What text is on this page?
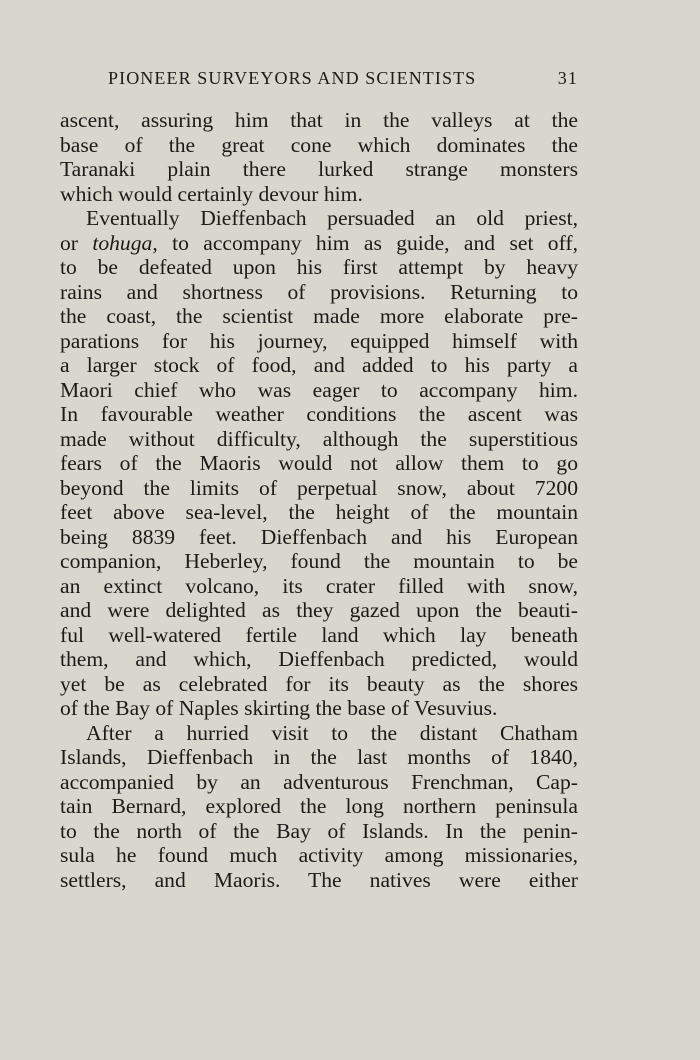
PIONEER SURVEYORS AND SCIENTISTS	31
ascent, assuring him that in the valleys at the
base of the great cone which dominates the
Taranaki plain there lurked strange monsters
which would certainly devour him.
Eventually Dieffenbach persuaded an old priest,
or tohuga, to accompany him as guide, and set off,
to be defeated upon his first attempt by heavy
rains and shortness of provisions. Returning to
the coast, the scientist made more elaborate pre-
parations for his journey, equipped himself with
a larger stock of food, and added to his party a
Maori chief who was eager to accompany him.
In favourable weather conditions the ascent was
made without difficulty, although the superstitious
fears of the Maoris would not allow them to go
beyond the limits of perpetual snow, about 7200
feet above sea-level, the height of the mountain
being 8839 feet. Dieffenbach and his European
companion, Heberley, found the mountain to be
an extinct volcano, its crater filled with snow,
and were delighted as they gazed upon the beauti-
ful well-watered fertile land which lay beneath
them, and which, Dieffenbach predicted, would
yet be as celebrated for its beauty as the shores
of the Bay of Naples skirting the base of Vesuvius.
After a hurried visit to the distant Chatham
Islands, Dieffenbach in the last months of 1840,
accompanied by an adventurous Frenchman, Cap-
tain Bernard, explored the long northern peninsula
to the north of the Bay of Islands. In the penin-
sula he found much activity among missionaries,
settlers, and Maoris. The natives were either
